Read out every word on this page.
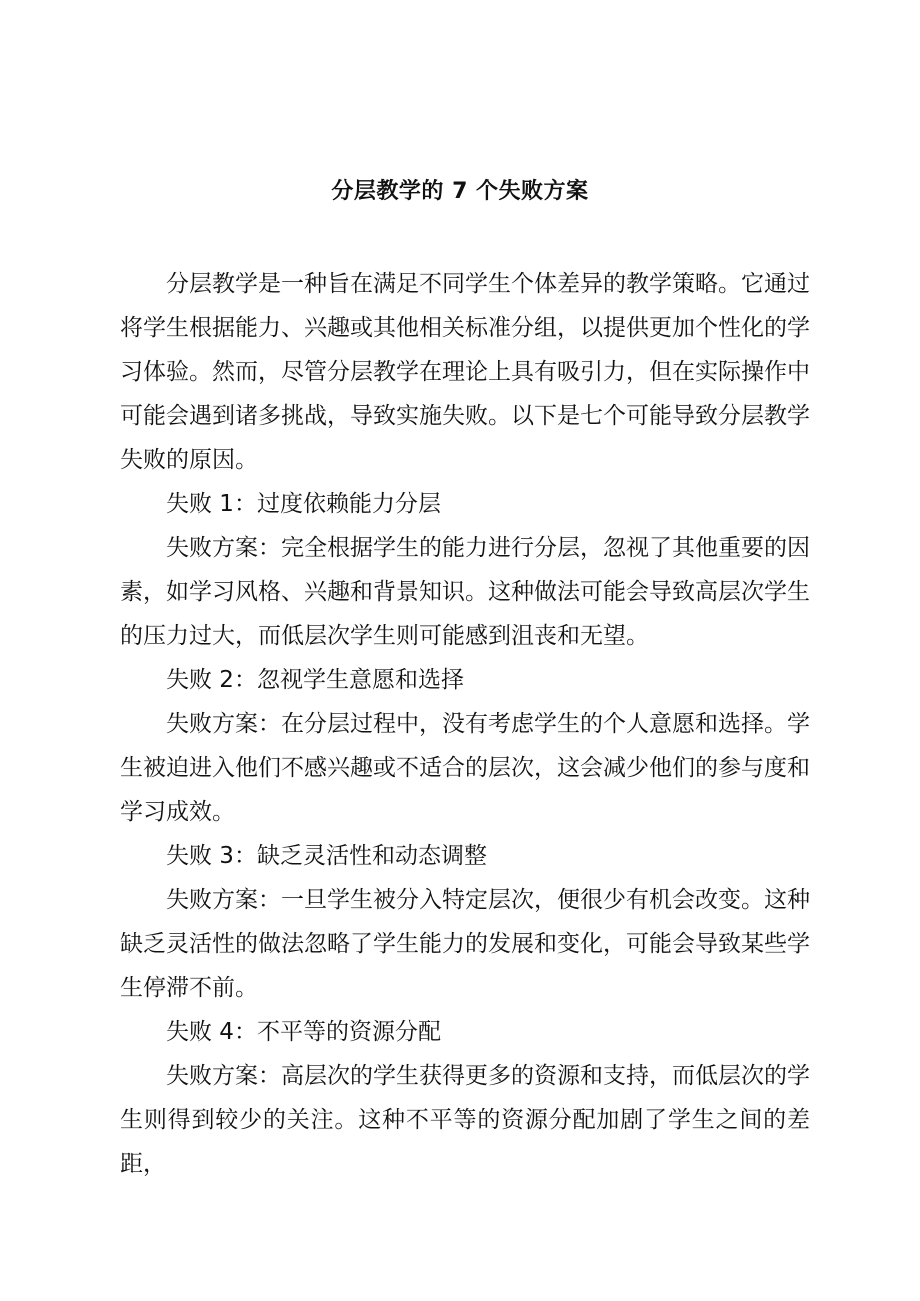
分层教学的 7 个失败方案

分层教学是一种旨在满足不同学生个体差异的教学策略。它通过将学生根据能力、兴趣或其他相关标准分组，以提供更加个性化的学习体验。然而，尽管分层教学在理论上具有吸引力，但在实际操作中可能会遇到诸多挑战，导致实施失败。以下是七个可能导致分层教学失败的原因。

失败 1：过度依赖能力分层

失败方案：完全根据学生的能力进行分层，忽视了其他重要的因素，如学习风格、兴趣和背景知识。这种做法可能会导致高层次学生的压力过大，而低层次学生则可能感到沮丧和无望。

失败 2：忽视学生意愿和选择

失败方案：在分层过程中，没有考虑学生的个人意愿和选择。学生被迫进入他们不感兴趣或不适合的层次，这会减少他们的参与度和学习成效。

失败 3：缺乏灵活性和动态调整

失败方案：一旦学生被分入特定层次，便很少有机会改变。这种缺乏灵活性的做法忽略了学生能力的发展和变化，可能会导致某些学生停滞不前。

失败 4：不平等的资源分配

失败方案：高层次的学生获得更多的资源和支持，而低层次的学生则得到较少的关注。这种不平等的资源分配加剧了学生之间的差距，
